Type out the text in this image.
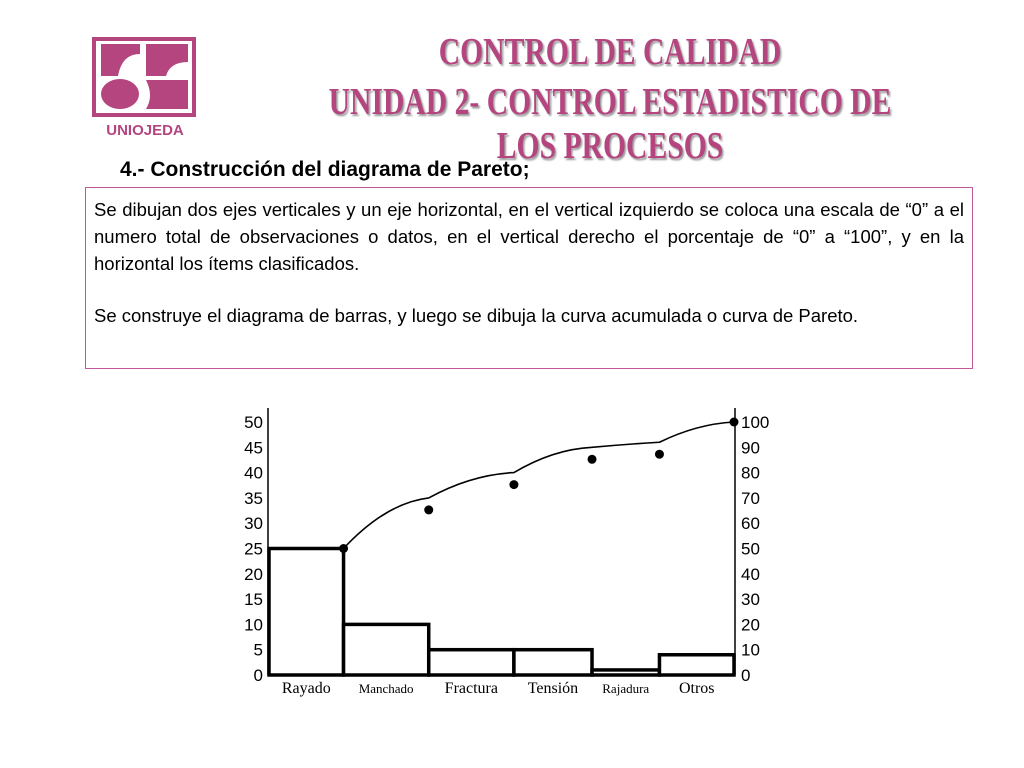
UNIOJEDA
CONTROL DE CALIDAD
UNIDAD 2- CONTROL ESTADISTICO DE LOS PROCESOS
4.- Construcción del diagrama de Pareto;

Se dibujan dos ejes verticales y un eje horizontal, en el vertical izquierdo se coloca una escala de “0” a el numero total de observaciones o datos, en el vertical derecho el porcentaje de “0” a “100”, y en la horizontal los ítems clasificados.

Se construye el diagrama de barras, y luego se dibuja la curva acumulada o curva de Pareto.

0
5
10
15
20
25
30
35
40
45
50
0
10
20
30
40
50
60
70
80
90
100
Rayado Manchado Fractura Tensión Rajadura Otros
